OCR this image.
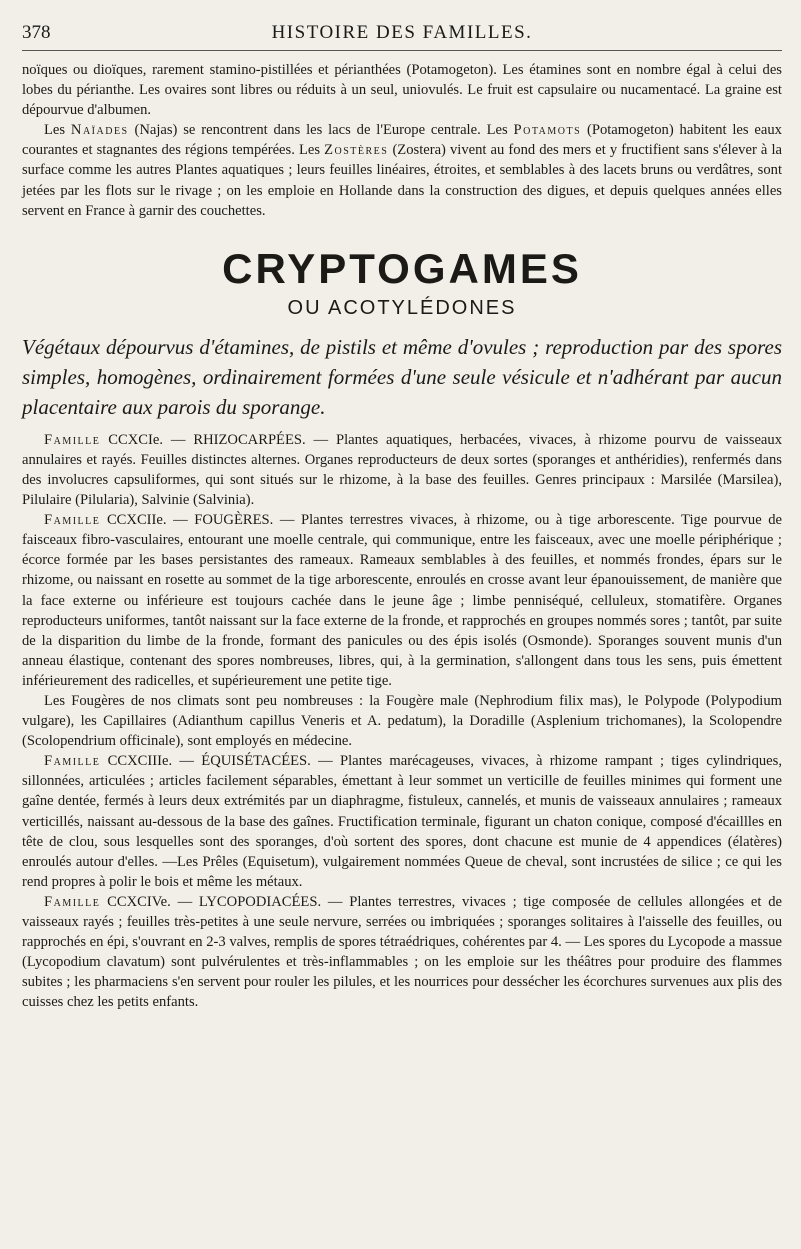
378	HISTOIRE DES FAMILLES.

noïques ou dioïques, rarement stamino-pistillées et périanthées (Potamogeton). Les étamines sont en nombre égal à celui des lobes du périanthe. Les ovaires sont libres ou réduits à un seul, uniovulés. Le fruit est capsulaire ou nucamentacé. La graine est dépourvue d'albumen.

Les Naïades (Najas) se rencontrent dans les lacs de l'Europe centrale. Les Potamots (Potamogeton) habitent les eaux courantes et stagnantes des régions tempérées. Les Zostères (Zostera) vivent au fond des mers et y fructifient sans s'élever à la surface comme les autres Plantes aquatiques ; leurs feuilles linéaires, étroites, et semblables à des lacets bruns ou verdâtres, sont jetées par les flots sur le rivage ; on les emploie en Hollande dans la construction des digues, et depuis quelques années elles servent en France à garnir des couchettes.

CRYPTOGAMES
OU ACOTYLÉDONES
Végétaux dépourvus d'étamines, de pistils et même d'ovules ; reproduction par des spores simples, homogènes, ordinairement formées d'une seule vésicule et n'adhérant par aucun placentaire aux parois du sporange.

Famille CCXCIe. — RHIZOCARPÉES. — Plantes aquatiques, herbacées, vivaces, à rhizome pourvu de vaisseaux annulaires et rayés. Feuilles distinctes alternes. Organes reproducteurs de deux sortes (sporanges et anthéridies), renfermés dans des involucres capsuliformes, qui sont situés sur le rhizome, à la base des feuilles. Genres principaux : Marsilée (Marsilea), Pilulaire (Pilularia), Salvinie (Salvinia).

Famille CCXCIIe. — FOUGÈRES. — Plantes terrestres vivaces, à rhizome, ou à tige arborescente. Tige pourvue de faisceaux fibro-vasculaires, entourant une moelle centrale, qui communique, entre les faisceaux, avec une moelle périphérique ; écorce formée par les bases persistantes des rameaux. Rameaux semblables à des feuilles, et nommés frondes, épars sur le rhizome, ou naissant en rosette au sommet de la tige arborescente, enroulés en crosse avant leur épanouissement, de manière que la face externe ou inférieure est toujours cachée dans le jeune âge ; limbe penniséqué, celluleux, stomatifère. Organes reproducteurs uniformes, tantôt naissant sur la face externe de la fronde, et rapprochés en groupes nommés sores ; tantôt, par suite de la disparition du limbe de la fronde, formant des panicules ou des épis isolés (Osmonde). Sporanges souvent munis d'un anneau élastique, contenant des spores nombreuses, libres, qui, à la germination, s'allongent dans tous les sens, puis émettent inférieurement des radicelles, et supérieurement une petite tige.

Les Fougères de nos climats sont peu nombreuses : la Fougère male (Nephrodium filix mas), le Polypode (Polypodium vulgare), les Capillaires (Adianthum capillus Veneris et A. pedatum), la Doradille (Asplenium trichomanes), la Scolopendre (Scolopendrium officinale), sont employés en médecine.

Famille CCXCIIIe. — ÉQUISÉTACÉES. — Plantes marécageuses, vivaces, à rhizome rampant ; tiges cylindriques, sillonnées, articulées ; articles facilement séparables, émettant à leur sommet un verticille de feuilles minimes qui forment une gaîne dentée, fermés à leurs deux extrémités par un diaphragme, fistuleux, cannelés, et munis de vaisseaux annulaires ; rameaux verticillés, naissant au-dessous de la base des gaînes. Fructification terminale, figurant un chaton conique, composé d'écaillles en tête de clou, sous lesquelles sont des sporanges, d'où sortent des spores, dont chacune est munie de 4 appendices (élatères) enroulés autour d'elles. —Les Prêles (Equisetum), vulgairement nommées Queue de cheval, sont incrustées de silice ; ce qui les rend propres à polir le bois et même les métaux.

Famille CCXCIVe. — LYCOPODIACÉES. — Plantes terrestres, vivaces ; tige composée de cellules allongées et de vaisseaux rayés ; feuilles très-petites à une seule nervure, serrées ou imbriquées ; sporanges solitaires à l'aisselle des feuilles, ou rapprochés en épi, s'ouvrant en 2-3 valves, remplis de spores tétraédriques, cohérentes par 4. — Les spores du Lycopode a massue (Lycopodium clavatum) sont pulvérulentes et très-inflammables ; on les emploie sur les théâtres pour produire des flammes subites ; les pharmaciens s'en servent pour rouler les pilules, et les nourrices pour dessécher les écorchures survenues aux plis des cuisses chez les petits enfants.
